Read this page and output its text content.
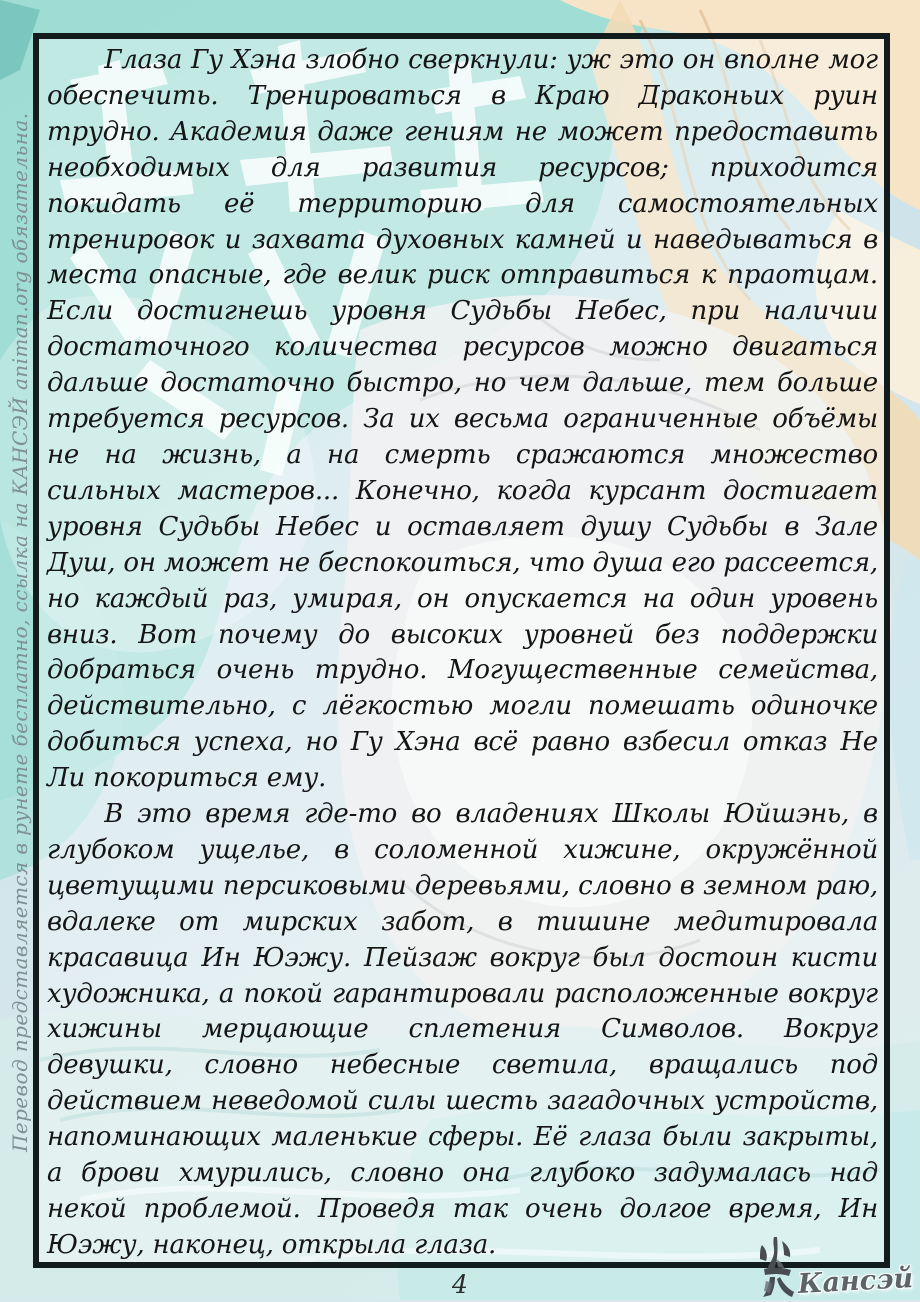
Глаза Гу Хэна злобно сверкнули: уж это он вполне мог обеспечить. Тренироваться в Краю Драконьих руин трудно. Академия даже гениям не может предоставить необходимых для развития ресурсов; приходится покидать её территорию для самостоятельных тренировок и захвата духовных камней и наведываться в места опасные, где велик риск отправиться к праотцам. Если достигнешь уровня Судьбы Небес, при наличии достаточного количества ресурсов можно двигаться дальше достаточно быстро, но чем дальше, тем больше требуется ресурсов. За их весьма ограниченные объёмы не на жизнь, а на смерть сражаются множество сильных мастеров... Конечно, когда курсант достигает уровня Судьбы Небес и оставляет душу Судьбы в Зале Душ, он может не беспокоиться, что душа его рассеется, но каждый раз, умирая, он опускается на один уровень вниз. Вот почему до высоких уровней без поддержки добраться очень трудно. Могущественные семейства, действительно, с лёгкостью могли помешать одиночке добиться успеха, но Гу Хэна всё равно взбесил отказ Не Ли покориться ему.

В это время где-то во владениях Школы Юйшэнь, в глубоком ущелье, в соломенной хижине, окружённой цветущими персиковыми деревьями, словно в земном раю, вдалеке от мирских забот, в тишине медитировала красавица Ин Юэжу. Пейзаж вокруг был достоин кисти художника, а покой гарантировали расположенные вокруг хижины мерцающие сплетения Символов. Вокруг девушки, словно небесные светила, вращались под действием неведомой силы шесть загадочных устройств, напоминающих маленькие сферы. Её глаза были закрыты, а брови хмурились, словно она глубоко задумалась над некой проблемой. Проведя так очень долгое время, Ин Юэжу, наконец, открыла глаза.

Перевод представляется в рунете бесплатно, ссылка на КАНСЭЙ animan.org обязательна.
4	Кансэй
